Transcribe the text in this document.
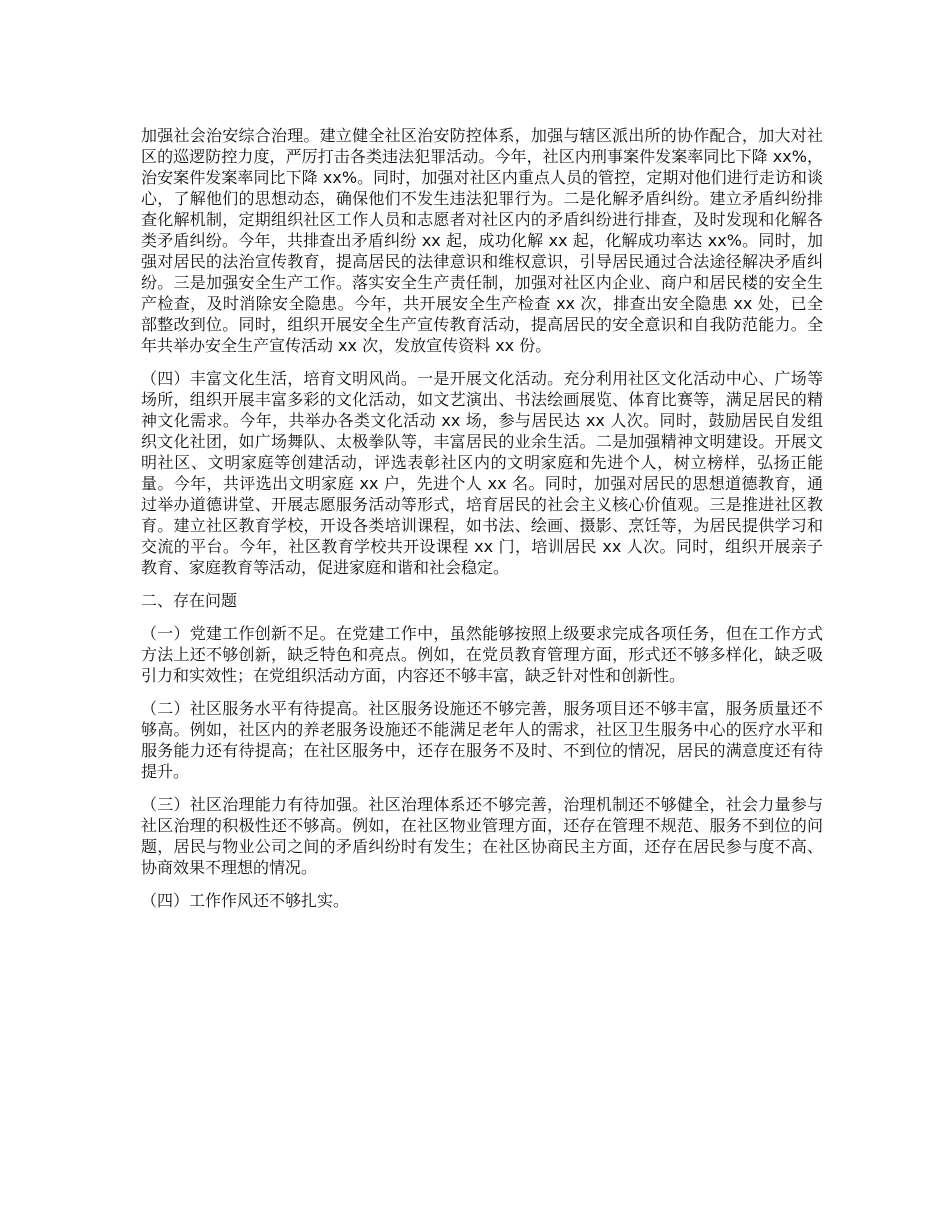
加强社会治安综合治理。建立健全社区治安防控体系，加强与辖区派出所的协作配合，加大对社区的巡逻防控力度，严厉打击各类违法犯罪活动。今年，社区内刑事案件发案率同比下降 xx%，治安案件发案率同比下降 xx%。同时，加强对社区内重点人员的管控，定期对他们进行走访和谈心，了解他们的思想动态，确保他们不发生违法犯罪行为。二是化解矛盾纠纷。建立矛盾纠纷排查化解机制，定期组织社区工作人员和志愿者对社区内的矛盾纠纷进行排查，及时发现和化解各类矛盾纠纷。今年，共排查出矛盾纠纷 xx 起，成功化解 xx 起，化解成功率达 xx%。同时，加强对居民的法治宣传教育，提高居民的法律意识和维权意识，引导居民通过合法途径解决矛盾纠纷。三是加强安全生产工作。落实安全生产责任制，加强对社区内企业、商户和居民楼的安全生产检查，及时消除安全隐患。今年，共开展安全生产检查 xx 次，排查出安全隐患 xx 处，已全部整改到位。同时，组织开展安全生产宣传教育活动，提高居民的安全意识和自我防范能力。全年共举办安全生产宣传活动 xx 次，发放宣传资料 xx 份。

（四）丰富文化生活，培育文明风尚。一是开展文化活动。充分利用社区文化活动中心、广场等场所，组织开展丰富多彩的文化活动，如文艺演出、书法绘画展览、体育比赛等，满足居民的精神文化需求。今年，共举办各类文化活动 xx 场，参与居民达 xx 人次。同时，鼓励居民自发组织文化社团，如广场舞队、太极拳队等，丰富居民的业余生活。二是加强精神文明建设。开展文明社区、文明家庭等创建活动，评选表彰社区内的文明家庭和先进个人，树立榜样，弘扬正能量。今年，共评选出文明家庭 xx 户，先进个人 xx 名。同时，加强对居民的思想道德教育，通过举办道德讲堂、开展志愿服务活动等形式，培育居民的社会主义核心价值观。三是推进社区教育。建立社区教育学校，开设各类培训课程，如书法、绘画、摄影、烹饪等，为居民提供学习和交流的平台。今年，社区教育学校共开设课程 xx 门，培训居民 xx 人次。同时，组织开展亲子教育、家庭教育等活动，促进家庭和谐和社会稳定。

二、存在问题

（一）党建工作创新不足。在党建工作中，虽然能够按照上级要求完成各项任务，但在工作方式方法上还不够创新，缺乏特色和亮点。例如，在党员教育管理方面，形式还不够多样化，缺乏吸引力和实效性；在党组织活动方面，内容还不够丰富，缺乏针对性和创新性。

（二）社区服务水平有待提高。社区服务设施还不够完善，服务项目还不够丰富，服务质量还不够高。例如，社区内的养老服务设施还不能满足老年人的需求，社区卫生服务中心的医疗水平和服务能力还有待提高；在社区服务中，还存在服务不及时、不到位的情况，居民的满意度还有待提升。

（三）社区治理能力有待加强。社区治理体系还不够完善，治理机制还不够健全，社会力量参与社区治理的积极性还不够高。例如，在社区物业管理方面，还存在管理不规范、服务不到位的问题，居民与物业公司之间的矛盾纠纷时有发生；在社区协商民主方面，还存在居民参与度不高、协商效果不理想的情况。

（四）工作作风还不够扎实。
